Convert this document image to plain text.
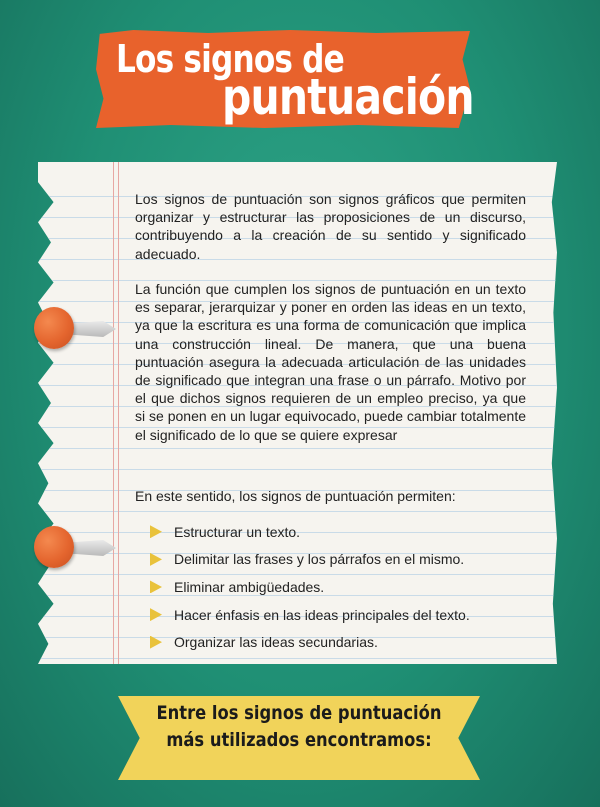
Los signos de
puntuación

Los signos de puntuación son signos gráficos que permiten organizar y estructurar las proposiciones de un discurso, contribuyendo a la creación de su sentido y significado adecuado.

La función que cumplen los signos de puntuación en un texto es separar, jerarquizar y poner en orden las ideas en un texto, ya que la escritura es una forma de comunicación que implica una construcción lineal. De manera, que una buena puntuación asegura la adecuada articulación de las unidades de significado que integran una frase o un párrafo. Motivo por el que dichos signos requieren de un empleo preciso, ya que si se ponen en un lugar equivocado, puede cambiar totalmente el significado de lo que se quiere expresar

En este sentido, los signos de puntuación permiten:

Estructurar un texto.
Delimitar las frases y los párrafos en el mismo.
Eliminar ambigüedades.
Hacer énfasis en las ideas principales del texto.
Organizar las ideas secundarias.
Entre los signos de puntuación
más utilizados encontramos:
